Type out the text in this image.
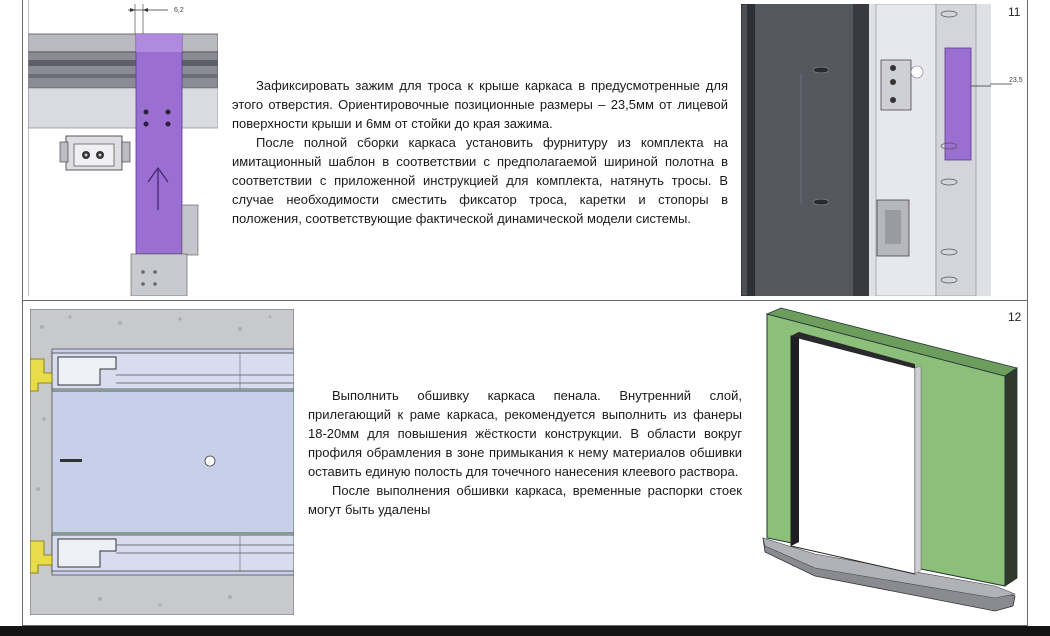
11
6,2

Зафиксировать зажим для троса к крыше каркаса в предусмотренные для этого отверстия. Ориентировочные позиционные размеры – 23,5мм от лицевой поверхности крыши и 6мм от стойки до края зажима.

После полной сборки каркаса установить фурнитуру из комплекта на имитационный шаблон в соответствии с предполагаемой шириной полотна в соответствии с приложенной инструкцией для комплекта, натянуть тросы. В случае необходимости сместить фиксатор троса, каретки и стопоры в положения, соответствующие фактической динамической модели системы.

23,5
12

Выполнить обшивку каркаса пенала. Внутренний слой, прилегающий к раме каркаса, рекомендуется выполнить из фанеры 18-20мм для повышения жёсткости конструкции. В области вокруг профиля обрамления в зоне примыкания к нему материалов обшивки оставить единую полость для точечного нанесения клеевого раствора.

После выполнения обшивки каркаса, временные распорки стоек могут быть удалены
